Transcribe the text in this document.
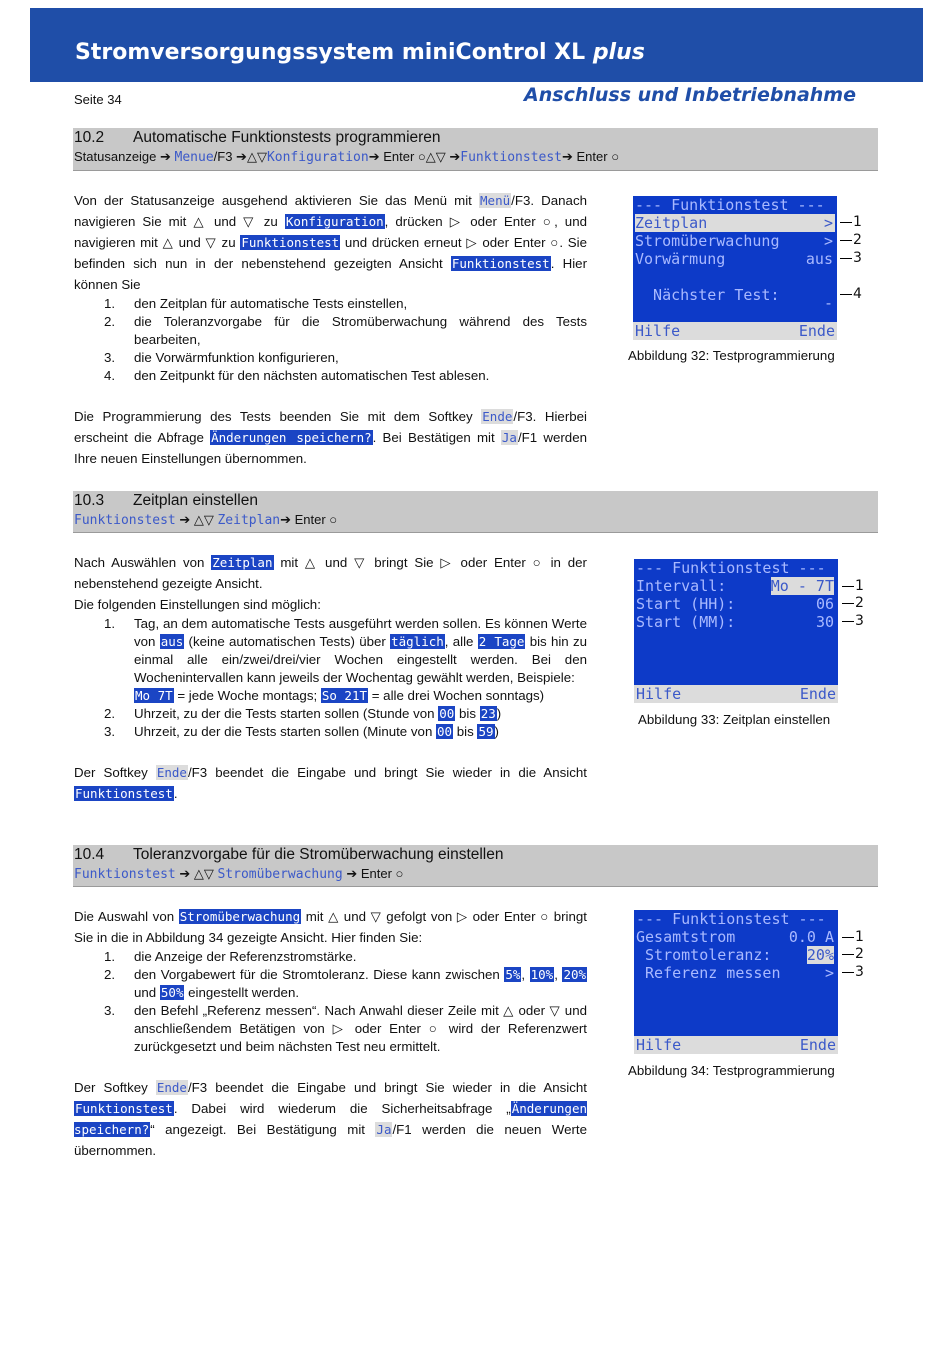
Stromversorgungssystem miniControl XL plus
Seite 34	Anschluss und Inbetriebnahme
10.2 Automatische Funktionstests programmieren
Statusanzeige ➔ Menue/F3 ➔△▽Konfiguration➔ Enter ○△▽ ➔Funktionstest➔ Enter ○

Von der Statusanzeige ausgehend aktivieren Sie das Menü mit Menü/F3. Danach navigieren Sie mit △ und ▽ zu Konfiguration, drücken ▷ oder Enter ○, und navigieren mit △ und ▽ zu Funktionstest und drücken erneut ▷ oder Enter ○. Sie befinden sich nun in der nebenstehend gezeigten Ansicht Funktionstest. Hier können Sie

1. den Zeitplan für automatische Tests einstellen,
2. die Toleranzvorgabe für die Stromüberwachung während des Tests bearbeiten,
3. die Vorwärmfunktion konfigurieren,
4. den Zeitpunkt für den nächsten automatischen Test ablesen.

Die Programmierung des Tests beenden Sie mit dem Softkey Ende/F3. Hierbei erscheint die Abfrage Änderungen speichern?. Bei Bestätigen mit Ja/F1 werden Ihre neuen Einstellungen übernommen.

--- Funktionstest ---
Zeitplan	>
Stromüberwachung	>
Vorwärmung	aus
Nächster Test:	-
Hilfe	Ende
1
2
3
4
Abbildung 32: Testprogrammierung
10.3 Zeitplan einstellen
Funktionstest ➔ △▽ Zeitplan➔ Enter ○

Nach Auswählen von Zeitplan mit △ und ▽ bringt Sie ▷ oder Enter ○ in der nebenstehend gezeigte Ansicht.

Die folgenden Einstellungen sind möglich:

1. Tag, an dem automatische Tests ausgeführt werden sollen. Es können Werte von aus (keine automatischen Tests) über täglich, alle 2 Tage bis hin zu einmal alle ein/zwei/drei/vier Wochen eingestellt werden. Bei den Wochenintervallen kann jeweils der Wochentag gewählt werden, Beispiele:
Mo 7T = jede Woche montags; So 21T = alle drei Wochen sonntags)
2. Uhrzeit, zu der die Tests starten sollen (Stunde von 00 bis 23)
3. Uhrzeit, zu der die Tests starten sollen (Minute von 00 bis 59)

Der Softkey Ende/F3 beendet die Eingabe und bringt Sie wieder in die Ansicht Funktionstest.

--- Funktionstest ---
Intervall:	Mo - 7T
Start (HH):	06
Start (MM):	30
Hilfe	Ende
1
2
3
Abbildung 33: Zeitplan einstellen
10.4 Toleranzvorgabe für die Stromüberwachung einstellen
Funktionstest ➔ △▽ Stromüberwachung ➔ Enter ○

Die Auswahl von Stromüberwachung mit △ und ▽ gefolgt von ▷ oder Enter ○ bringt Sie in die in Abbildung 34 gezeigte Ansicht. Hier finden Sie:

1. die Anzeige der Referenzstromstärke.
2. den Vorgabewert für die Stromtoleranz. Diese kann zwischen 5%, 10%, 20% und 50% eingestellt werden.
3. den Befehl „Referenz messen“. Nach Anwahl dieser Zeile mit △ oder ▽ und anschließendem Betätigen von ▷ oder Enter ○ wird der Referenzwert zurückgesetzt und beim nächsten Test neu ermittelt.

Der Softkey Ende/F3 beendet die Eingabe und bringt Sie wieder in die Ansicht Funktionstest. Dabei wird wiederum die Sicherheitsabfrage „Änderungen speichern?“ angezeigt. Bei Bestätigung mit Ja/F1 werden die neuen Werte übernommen.

--- Funktionstest ---
Gesamtstrom	0.0 A
Stromtoleranz: 20%
Referenz messen	>
Hilfe	Ende
1
2
3
Abbildung 34: Testprogrammierung
